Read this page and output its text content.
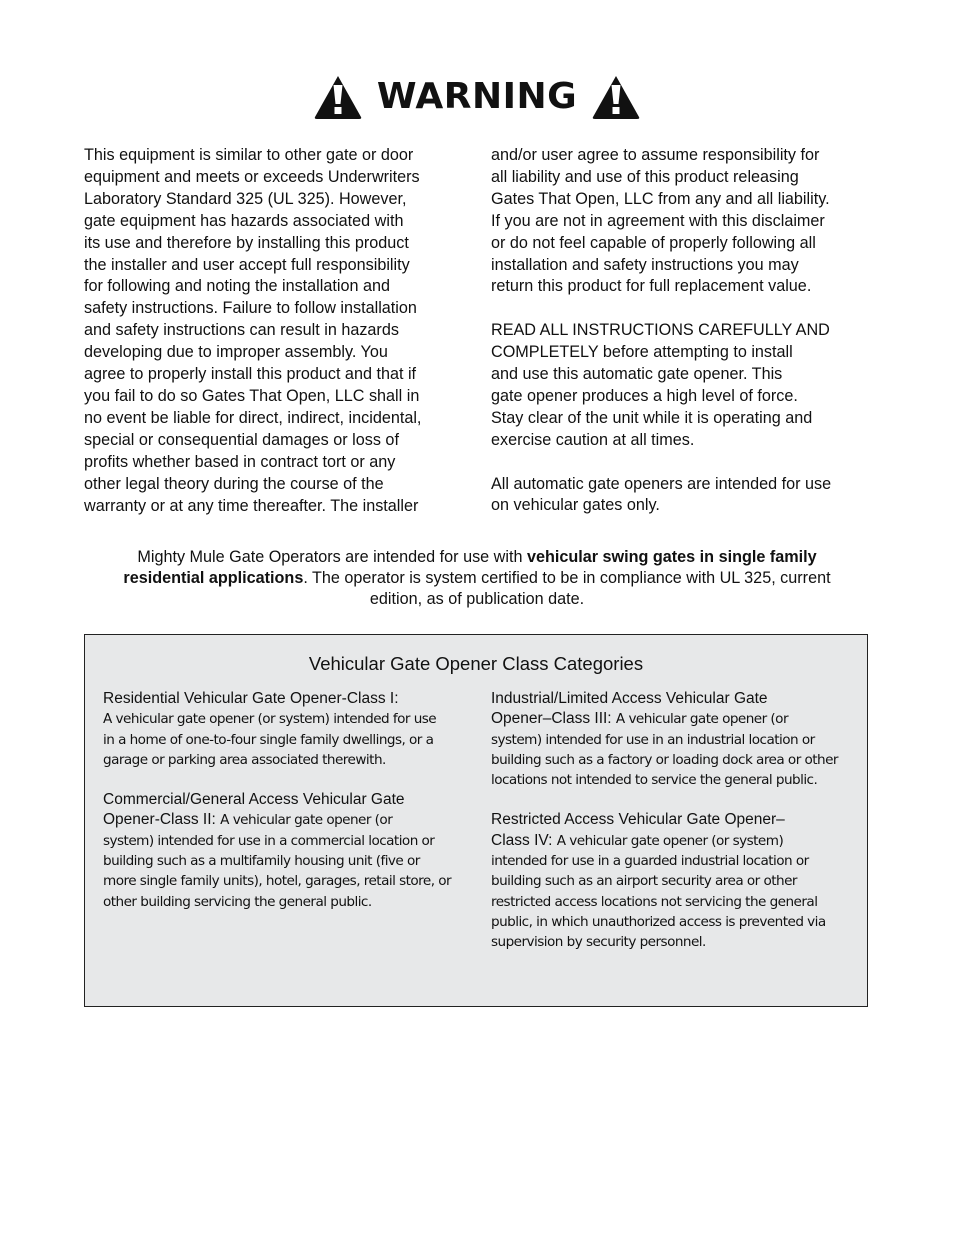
WARNING

This equipment is similar to other gate or door
equipment and meets or exceeds Underwriters
Laboratory Standard 325 (UL 325). However,
gate equipment has hazards associated with
its use and therefore by installing this product
the installer and user accept full responsibility
for following and noting the installation and
safety instructions. Failure to follow installation
and safety instructions can result in hazards
developing due to improper assembly. You
agree to properly install this product and that if
you fail to do so Gates That Open, LLC shall in
no event be liable for direct, indirect, incidental,
special or consequential damages or loss of
profits whether based in contract tort or any
other legal theory during the course of the
warranty or at any time thereafter. The installer

and/or user agree to assume responsibility for
all liability and use of this product releasing
Gates That Open, LLC from any and all liability.
If you are not in agreement with this disclaimer
or do not feel capable of properly following all
installation and safety instructions you may
return this product for full replacement value.

READ ALL INSTRUCTIONS CAREFULLY AND
COMPLETELY before attempting to install
and use this automatic gate opener. This
gate opener produces a high level of force.
Stay clear of the unit while it is operating and
exercise caution at all times.

All automatic gate openers are intended for use
on vehicular gates only.

Mighty Mule Gate Operators are intended for use with vehicular swing gates in single family residential applications. The operator is system certified to be in compliance with UL 325, current edition, as of publication date.
Vehicular Gate Opener Class Categories
Residential Vehicular Gate Opener-Class I:
A vehicular gate opener (or system) intended for use
in a home of one-to-four single family dwellings, or a
garage or parking area associated therewith.
Commercial/General Access Vehicular Gate
Opener-Class II: A vehicular gate opener (or
system) intended for use in a commercial location or
building such as a multifamily housing unit (five or
more single family units), hotel, garages, retail store, or
other building servicing the general public.
Industrial/Limited Access Vehicular Gate
Opener–Class III: A vehicular gate opener (or
system) intended for use in an industrial location or
building such as a factory or loading dock area or other
locations not intended to service the general public.
Restricted Access Vehicular Gate Opener–
Class IV: A vehicular gate opener (or system)
intended for use in a guarded industrial location or
building such as an airport security area or other
restricted access locations not servicing the general
public, in which unauthorized access is prevented via
supervision by security personnel.
